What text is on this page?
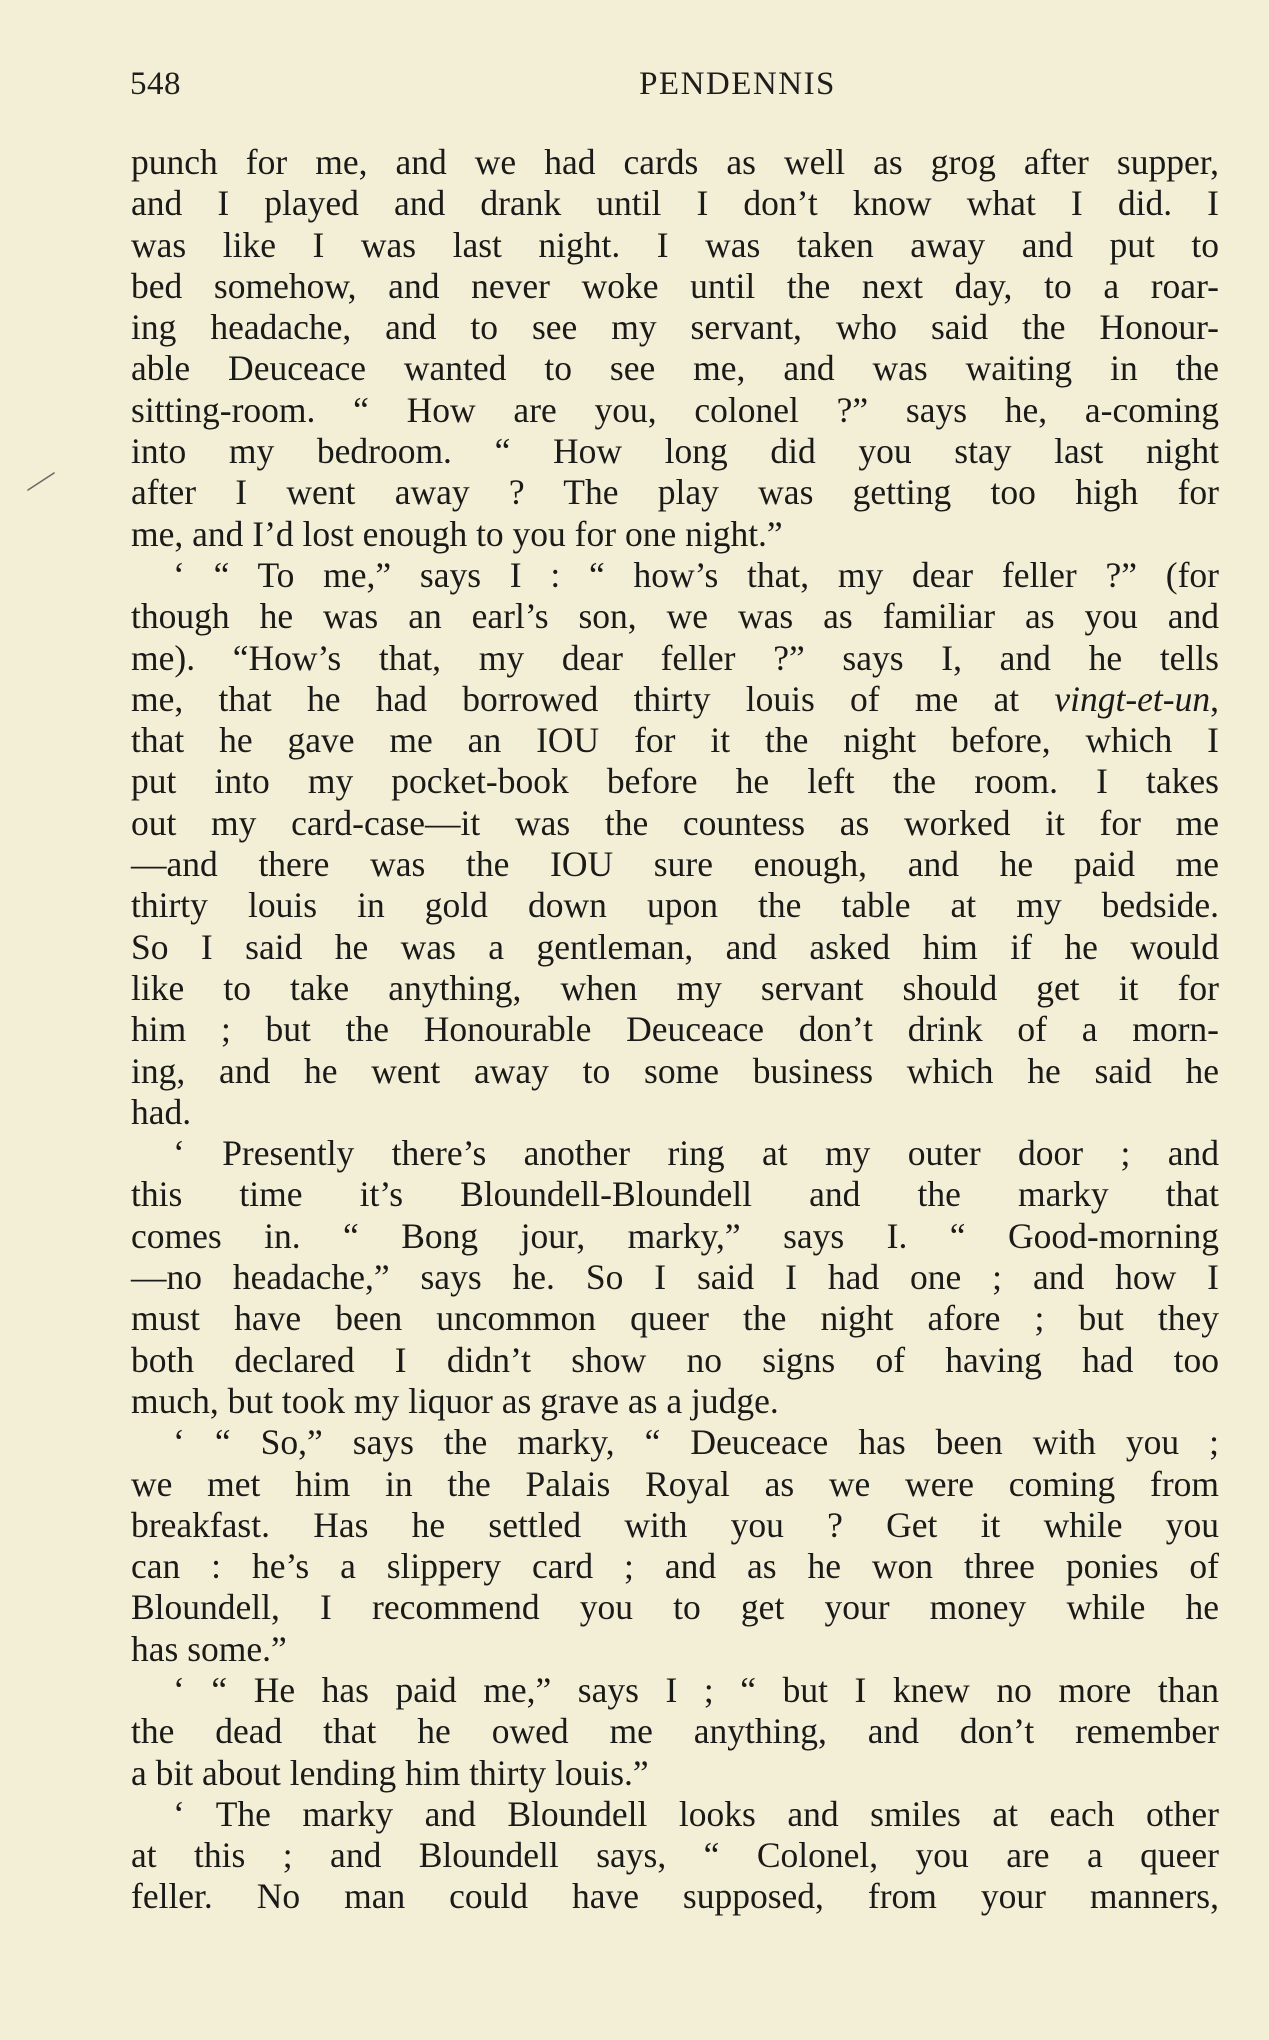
548	PENDENNIS
punch for me, and we had cards as well as grog after supper,
and I played and drank until I don’t know what I did. I
was like I was last night. I was taken away and put to
bed somehow, and never woke until the next day, to a roar-
ing headache, and to see my servant, who said the Honour-
able Deuceace wanted to see me, and was waiting in the
sitting-room. “ How are you, colonel ?” says he, a-coming
into my bedroom. “ How long did you stay last night
after I went away ? The play was getting too high for
me, and I’d lost enough to you for one night.”
‘ “ To me,” says I : “ how’s that, my dear feller ?” (for
though he was an earl’s son, we was as familiar as you and
me). “How’s that, my dear feller ?” says I, and he tells
me, that he had borrowed thirty louis of me at vingt-et-un,
that he gave me an IOU for it the night before, which I
put into my pocket-book before he left the room. I takes
out my card-case—it was the countess as worked it for me
—and there was the IOU sure enough, and he paid me
thirty louis in gold down upon the table at my bedside.
So I said he was a gentleman, and asked him if he would
like to take anything, when my servant should get it for
him ; but the Honourable Deuceace don’t drink of a morn-
ing, and he went away to some business which he said he
had.
‘ Presently there’s another ring at my outer door ; and
this time it’s Bloundell-Bloundell and the marky that
comes in. “ Bong jour, marky,” says I. “ Good-morning
—no headache,” says he. So I said I had one ; and how I
must have been uncommon queer the night afore ; but they
both declared I didn’t show no signs of having had too
much, but took my liquor as grave as a judge.
‘ “ So,” says the marky, “ Deuceace has been with you ;
we met him in the Palais Royal as we were coming from
breakfast. Has he settled with you ? Get it while you
can : he’s a slippery card ; and as he won three ponies of
Bloundell, I recommend you to get your money while he
has some.”
‘ “ He has paid me,” says I ; “ but I knew no more than
the dead that he owed me anything, and don’t remember
a bit about lending him thirty louis.”
‘ The marky and Bloundell looks and smiles at each other
at this ; and Bloundell says, “ Colonel, you are a queer
feller. No man could have supposed, from your manners,
